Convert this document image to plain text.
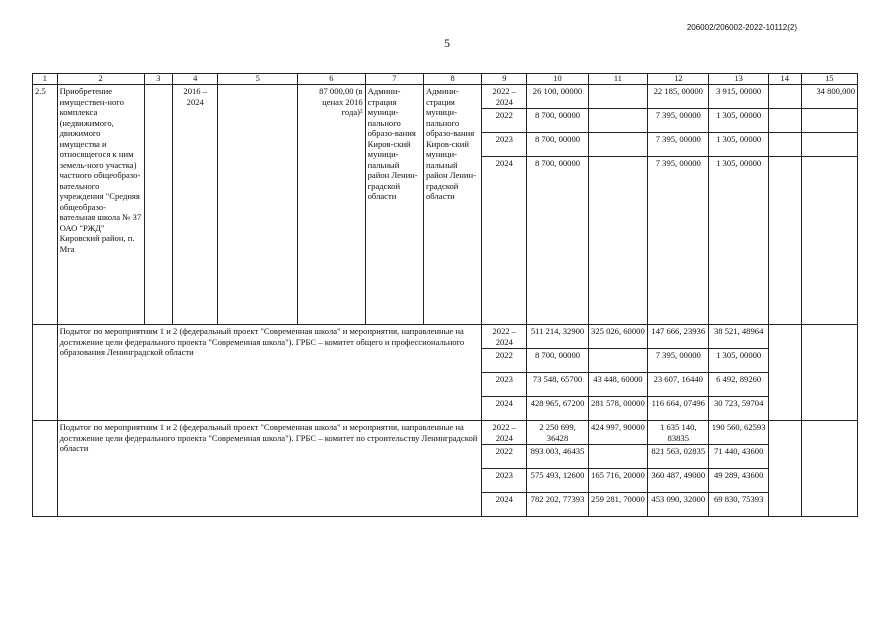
206002/206002-2022-10112(2)
5
1	2	3	4	5	6	7	8	9	10	11	12	13	14	15
2.5	Приобретение имуществен-ного комплекса (недвижимого, движимого имущества и относящегося к ним земель-ного участка) частного общеобразо-вательного учреждения "Средняя общеобразо-вательная школа № 37 ОАО "РЖД" Кировский район, п. Мга		2016 – 2024		87 000,00 (в ценах 2016 года)²	Админи-страция муници-пального образо-вания Киров-ский муници-пальный район Ленин-градской области	Админи-страция муници-пального образо-вания Киров-ский муници-пальный район Ленин-градской области	2022 – 2024	26 100, 00000		22 185, 00000	3 915, 00000		34 800,000
								2022	8 700, 00000		7 395, 00000	1 305, 00000		
								2023	8 700, 00000		7 395, 00000	1 305, 00000		
								2024	8 700, 00000		7 395, 00000	1 305, 00000		
	Подытог по мероприятиям 1 и 2 (федеральный проект "Современная школа" и мероприятия, направленные на достижение цели федерального проекта "Современная школа"). ГРБС – комитет общего и профессионального образования Ленинградской области							2022 – 2024	511 214, 32900	325 026, 60000	147 666, 23936	38 521, 48964		
								2022	8 700, 00000		7 395, 00000	1 305, 00000		
								2023	73 548, 65700	43 448, 60000	23 607, 16440	6 492, 89260		
								2024	428 965, 67200	281 578, 00000	116 664, 07496	30 723, 59704		
	Подытог по мероприятиям 1 и 2 (федеральный проект "Современная школа" и мероприятия, направленные на достижение цели федерального проекта "Современная школа"). ГРБС – комитет по строительству Ленинградской области							2022 – 2024	2 250 699, 36428	424 997, 90000	1 635 140, 83835	190 560, 62593		
								2022	893 003, 46435		821 563, 02835	71 440, 43600		
								2023	575 493, 12600	165 716, 20000	360 487, 49000	49 289, 43600		
								2024	782 202, 77393	259 281, 70000	453 090, 32000	69 830, 75393		
